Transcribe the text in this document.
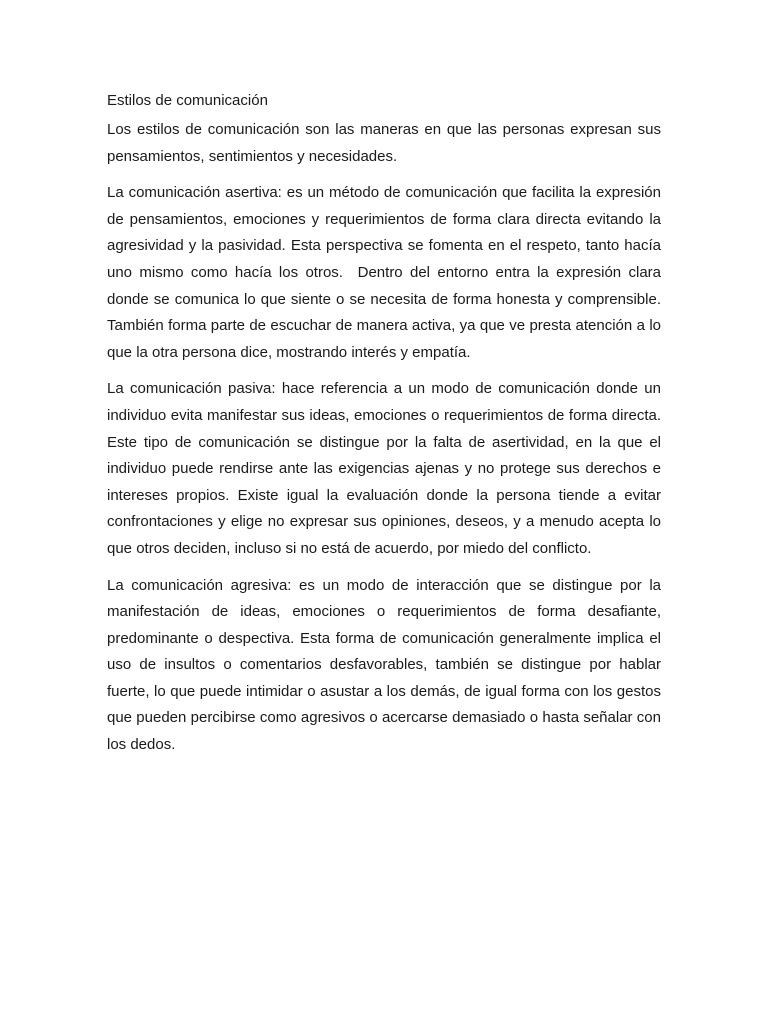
Estilos de comunicación

Los estilos de comunicación son las maneras en que las personas expresan sus pensamientos, sentimientos y necesidades.

La comunicación asertiva: es un método de comunicación que facilita la expresión de pensamientos, emociones y requerimientos de forma clara directa evitando la agresividad y la pasividad. Esta perspectiva se fomenta en el respeto, tanto hacía uno mismo como hacía los otros.  Dentro del entorno entra la expresión clara donde se comunica lo que siente o se necesita de forma honesta y comprensible. También forma parte de escuchar de manera activa, ya que ve presta atención a lo que la otra persona dice, mostrando interés y empatía.

La comunicación pasiva: hace referencia a un modo de comunicación donde un individuo evita manifestar sus ideas, emociones o requerimientos de forma directa. Este tipo de comunicación se distingue por la falta de asertividad, en la que el individuo puede rendirse ante las exigencias ajenas y no protege sus derechos e intereses propios. Existe igual la evaluación donde la persona tiende a evitar confrontaciones y elige no expresar sus opiniones, deseos, y a menudo acepta lo que otros deciden, incluso si no está de acuerdo, por miedo del conflicto.

La comunicación agresiva: es un modo de interacción que se distingue por la manifestación de ideas, emociones o requerimientos de forma desafiante, predominante o despectiva. Esta forma de comunicación generalmente implica el uso de insultos o comentarios desfavorables, también se distingue por hablar fuerte, lo que puede intimidar o asustar a los demás, de igual forma con los gestos que pueden percibirse como agresivos o acercarse demasiado o hasta señalar con los dedos.
